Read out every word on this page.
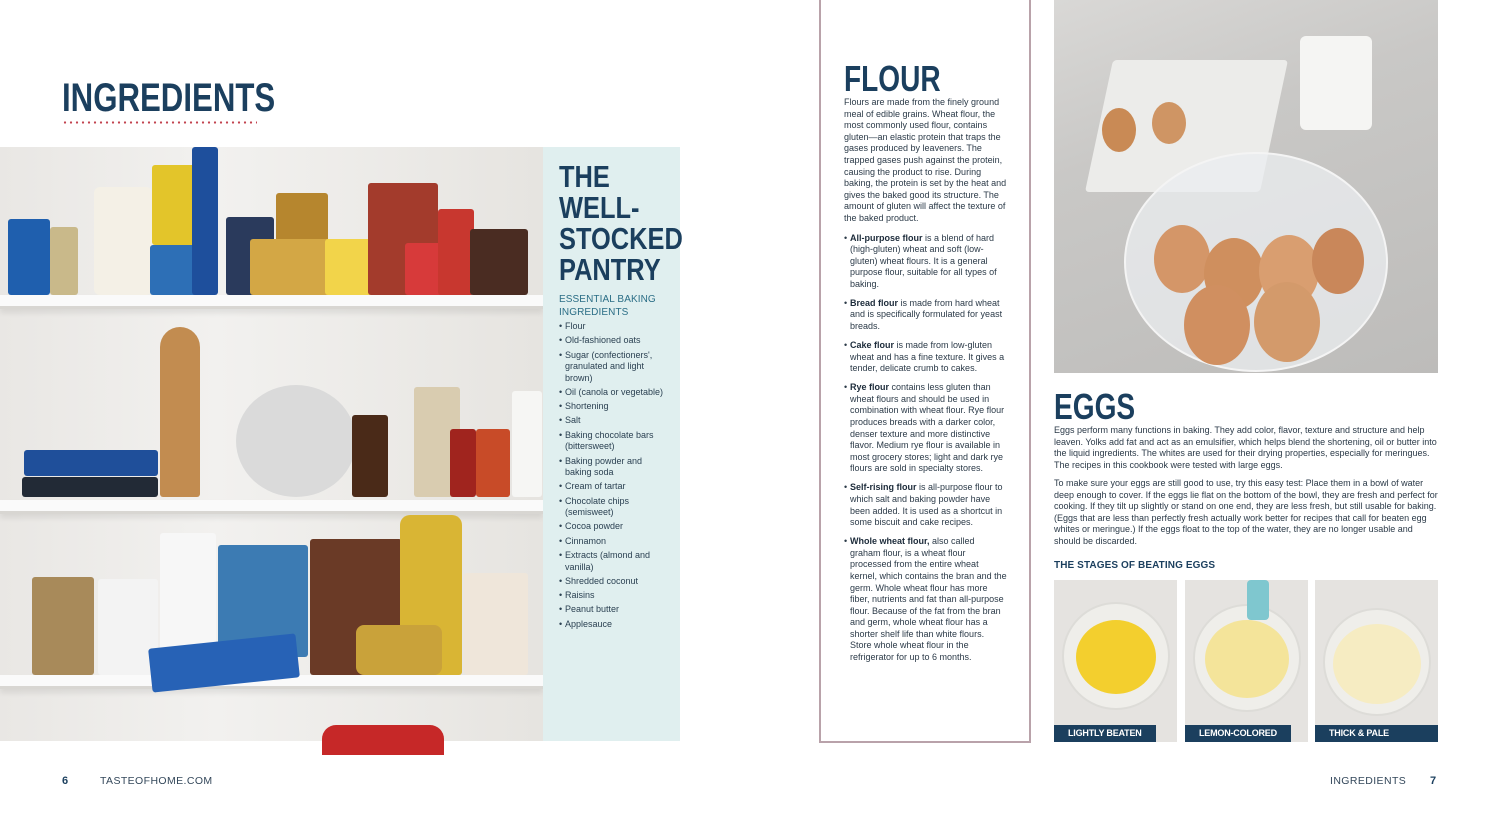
INGREDIENTS
THE
WELL-
STOCKED
PANTRY
ESSENTIAL BAKING INGREDIENTS
• Flour
• Old-fashioned oats
• Sugar (confectioners', granulated and light brown)
• Oil (canola or vegetable)
• Shortening
• Salt
• Baking chocolate bars (bittersweet)
• Baking powder and baking soda
• Cream of tartar
• Chocolate chips (semisweet)
• Cocoa powder
• Cinnamon
• Extracts (almond and vanilla)
• Shredded coconut
• Raisins
• Peanut butter
• Applesauce
6	TASTEOFHOME.COM
FLOUR
Flours are made from the finely ground meal of edible grains. Wheat flour, the most commonly used flour, contains gluten—an elastic protein that traps the gases produced by leaveners. The trapped gases push against the protein, causing the product to rise. During baking, the protein is set by the heat and gives the baked good its structure. The amount of gluten will affect the texture of the baked product.
• All-purpose flour is a blend of hard (high-gluten) wheat and soft (low-gluten) wheat flours. It is a general purpose flour, suitable for all types of baking.
• Bread flour is made from hard wheat and is specifically formulated for yeast breads.
• Cake flour is made from low-gluten wheat and has a fine texture. It gives a tender, delicate crumb to cakes.
• Rye flour contains less gluten than wheat flours and should be used in combination with wheat flour. Rye flour produces breads with a darker color, denser texture and more distinctive flavor. Medium rye flour is available in most grocery stores; light and dark rye flours are sold in specialty stores.
• Self-rising flour is all-purpose flour to which salt and baking powder have been added. It is used as a shortcut in some biscuit and cake recipes.
• Whole wheat flour, also called graham flour, is a wheat flour processed from the entire wheat kernel, which contains the bran and the germ. Whole wheat flour has more fiber, nutrients and fat than all-purpose flour. Because of the fat from the bran and germ, whole wheat flour has a shorter shelf life than white flours. Store whole wheat flour in the refrigerator for up to 6 months.
EGGS

Eggs perform many functions in baking. They add color, flavor, texture and structure and help leaven. Yolks add fat and act as an emulsifier, which helps blend the shortening, oil or butter into the liquid ingredients. The whites are used for their drying properties, especially for meringues. The recipes in this cookbook were tested with large eggs.

To make sure your eggs are still good to use, try this easy test: Place them in a bowl of water deep enough to cover. If the eggs lie flat on the bottom of the bowl, they are fresh and perfect for cooking. If they tilt up slightly or stand on one end, they are less fresh, but still usable for baking. (Eggs that are less than perfectly fresh actually work better for recipes that call for beaten egg whites or meringue.) If the eggs float to the top of the water, they are no longer usable and should be discarded.

THE STAGES OF BEATING EGGS
LIGHTLY BEATEN	LEMON-COLORED	THICK & PALE YELLOW
INGREDIENTS 7
